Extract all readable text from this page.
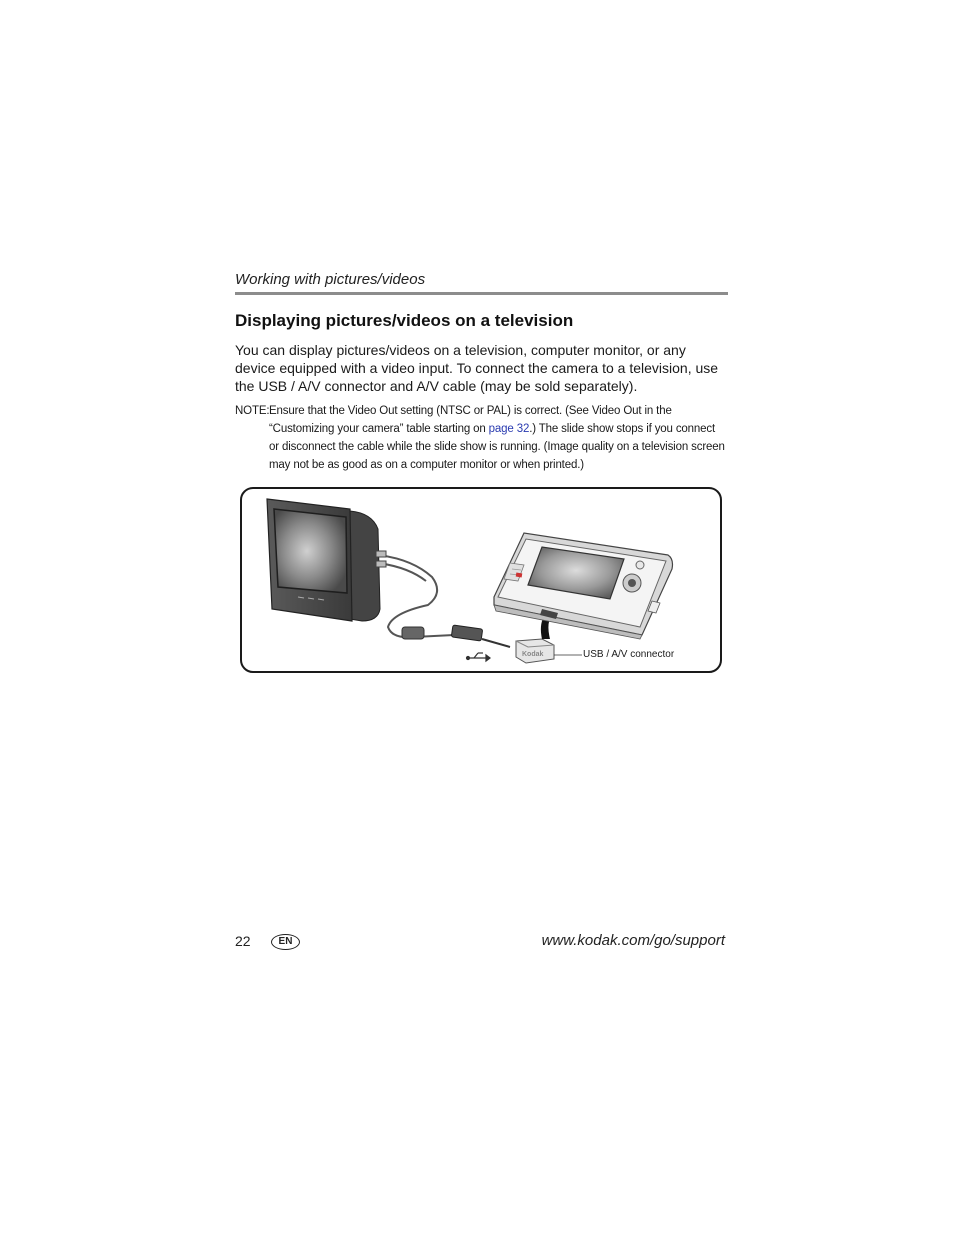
Working with pictures/videos
Displaying pictures/videos on a television
You can display pictures/videos on a television, computer monitor, or any device equipped with a video input. To connect the camera to a television, use the USB / A/V connector and A/V cable (may be sold separately).
NOTE: Ensure that the Video Out setting (NTSC or PAL) is correct. (See Video Out in the “Customizing your camera” table starting on page 32.) The slide show stops if you connect or disconnect the cable while the slide show is running. (Image quality on a television screen may not be as good as on a computer monitor or when printed.)
Kodak	USB / A/V connector
22	EN	www.kodak.com/go/support
